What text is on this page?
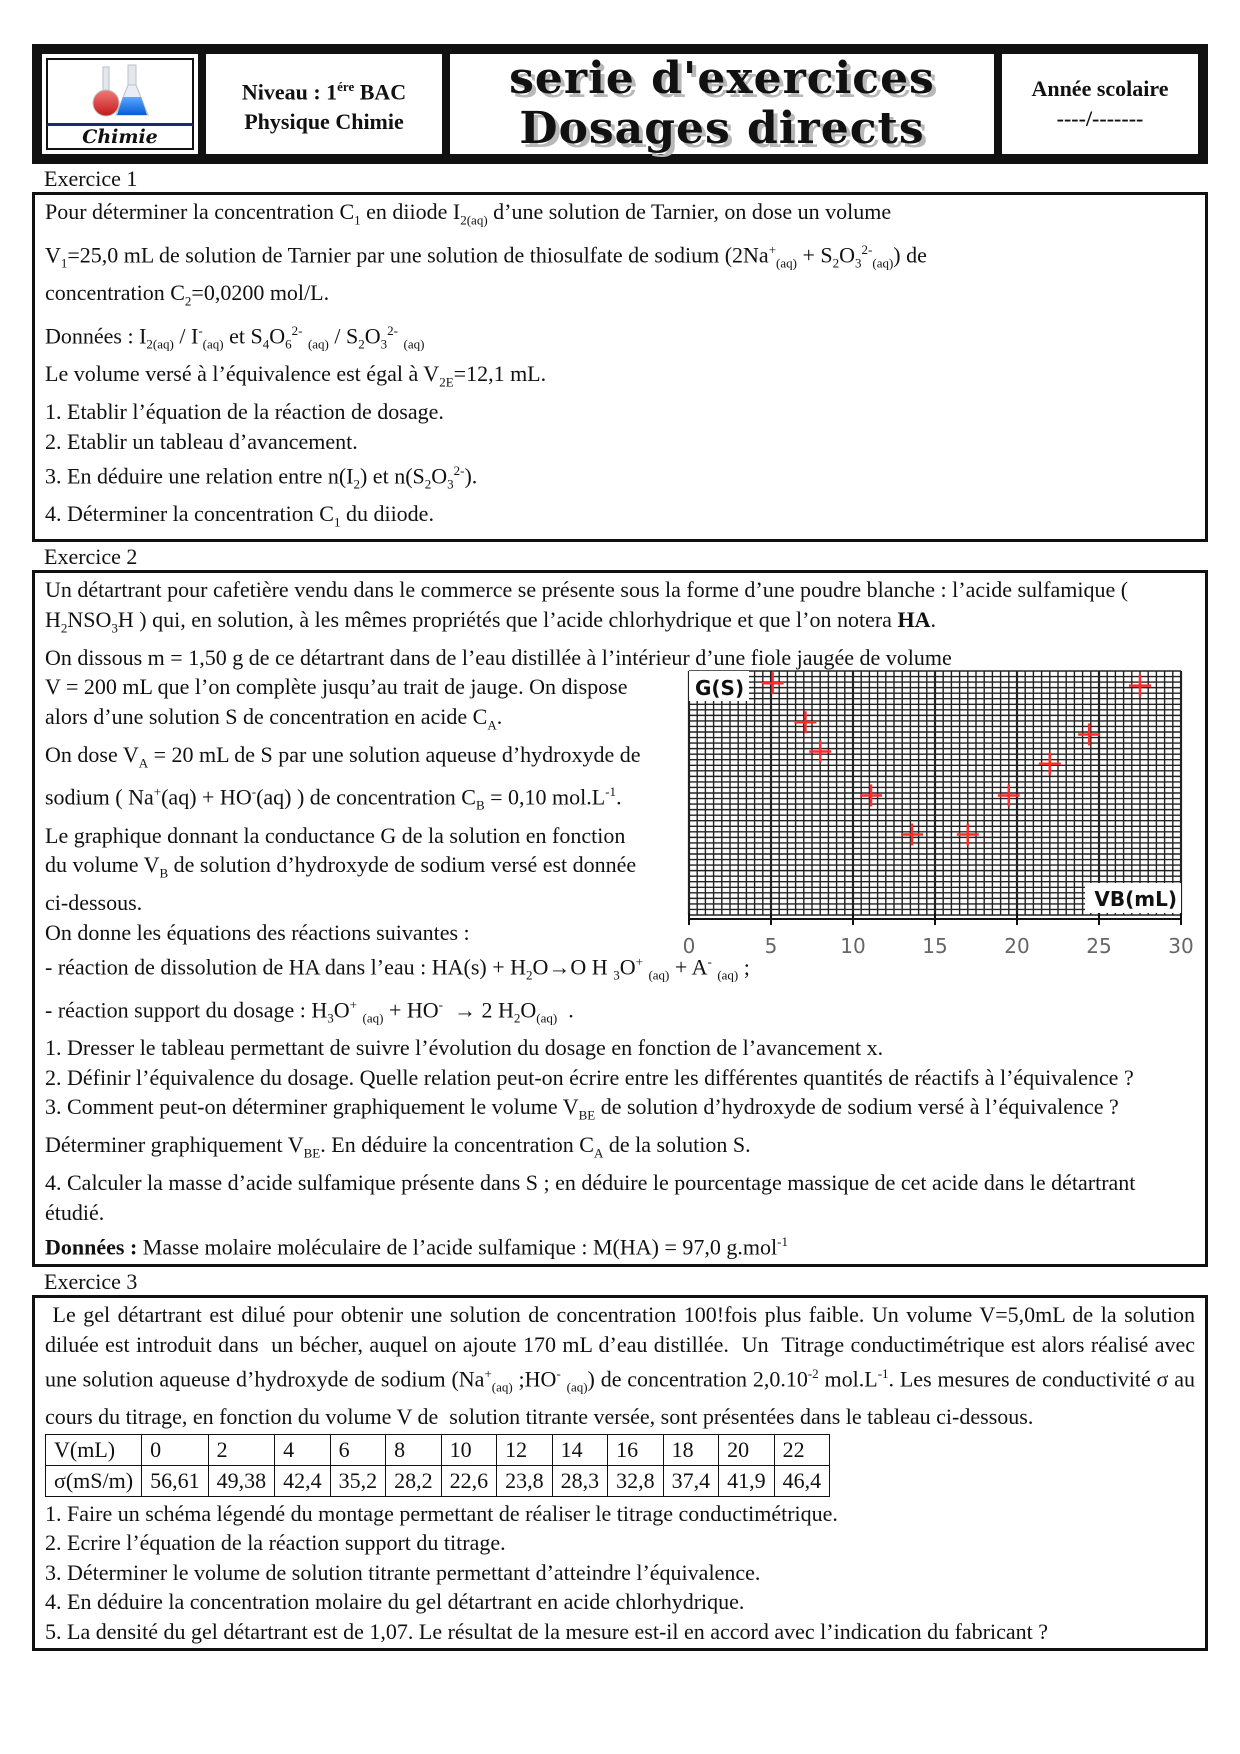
Chimie
Niveau : $1^{ére}$ BAC
Physique Chimie
serie d'exercices
Dosages directs
Année scolaire
----/-------
Exercice 1

Pour déterminer la concentration $C_1$ en diiode $I_{2(aq)}$ d’une solution de Tarnier, on dose un volume
$V_1=25,0$ mL de solution de Tarnier par une solution de thiosulfate de sodium $(2Na^+_{(aq)} + S_2O_3^{2-}_{(aq)})$ de
concentration $C_2=0,0200$ mol/L.

Données : $I_{2(aq)} / I^-_{(aq)}$ et $S_4O_6^{2-}$ $_{(aq)} / S_2O_3^{2-}$ $_{(aq)}$

Le volume versé à l’équivalence est égal à $V_{2E}=12,1$ mL.

1. Etablir l’équation de la réaction de dosage.

2. Etablir un tableau d’avancement.

3. En déduire une relation entre $n(I_2)$ et $n(S_2O_3^{2-})$.

4. Déterminer la concentration $C_1$ du diiode.

Exercice 2

Un détartrant pour cafetière vendu dans le commerce se présente sous la forme d’une poudre blanche : l’acide sulfamique ( $H_2NSO_3H$ ) qui, en solution, à les mêmes propriétés que l’acide chlorhydrique et que l’on notera HA.
On dissous m = 1,50 g de ce détartrant dans de l’eau distillée à l’intérieur d’une fiole jaugée de volume

V = 200 mL que l’on complète jusqu’au trait de jauge. On dispose alors d’une solution S de concentration en acide $C_A$.
On dose $V_A = 20$ mL de S par une solution aqueuse d’hydroxyde de sodium ( Na+(aq) + HO-(aq) ) de concentration $C_B = 0,10$ $mol.L^{-1}$.
Le graphique donnant la conductance G de la solution en fonction du volume $V_B$ de solution d’hydroxyde de sodium versé est donnée ci-dessous.
On donne les équations des réactions suivantes :

- réaction de dissolution de HA dans l’eau : $HA(s) + H_2O\to O$ H $_3$O+ $_{(aq)}$ + A- $_{(aq)}$ ;

- réaction support du dosage : $H_3O^+$ $_{(aq)}$ + HO-  → 2 $H_2O_{(aq)}$  .

1. Dresser le tableau permettant de suivre l’évolution du dosage en fonction de l’avancement x.

2. Définir l’équivalence du dosage. Quelle relation peut-on écrire entre les différentes quantités de réactifs à l’équivalence ?

3. Comment peut-on déterminer graphiquement le volume $V_{BE}$ de solution d’hydroxyde de sodium versé à l’équivalence ? Déterminer graphiquement $V_{BE}$. En déduire la concentration $C_A$ de la solution S.

4. Calculer la masse d’acide sulfamique présente dans S ; en déduire le pourcentage massique de cet acide dans le détartrant étudié.

Données : Masse molaire moléculaire de l’acide sulfamique : M(HA) = 97,0 g.mol$^{-1}$

0	5	10	15	20	25	30
G(S)
VB(mL)
Exercice 3

Le gel détartrant est dilué pour obtenir une solution de concentration 100!fois plus faible. Un volume V=5,0mL de la solution diluée est introduit dans  un bécher, auquel on ajoute 170 mL d’eau distillée.  Un  Titrage conductimétrique est alors réalisé avec une solution aqueuse d’hydroxyde de sodium ($Na^+_{(aq)}$ ;HO- $_{(aq)}$) de concentration $2,0.10^{-2}$ $mol.L^{-1}$. Les mesures de conductivité σ au cours du titrage, en fonction du volume V de  solution titrante versée, sont présentées dans le tableau ci-dessous.

V(mL)	0	2	4	6	8	10	12	14	16	18	20	22
σ(mS/m)	56,61	49,38	42,4	35,2	28,2	22,6	23,8	28,3	32,8	37,4	41,9	46,4

1. Faire un schéma légendé du montage permettant de réaliser le titrage conductimétrique.

2. Ecrire l’équation de la réaction support du titrage.

3. Déterminer le volume de solution titrante permettant d’atteindre l’équivalence.

4. En déduire la concentration molaire du gel détartrant en acide chlorhydrique.

5. La densité du gel détartrant est de 1,07. Le résultat de la mesure est-il en accord avec l’indication du fabricant ?
